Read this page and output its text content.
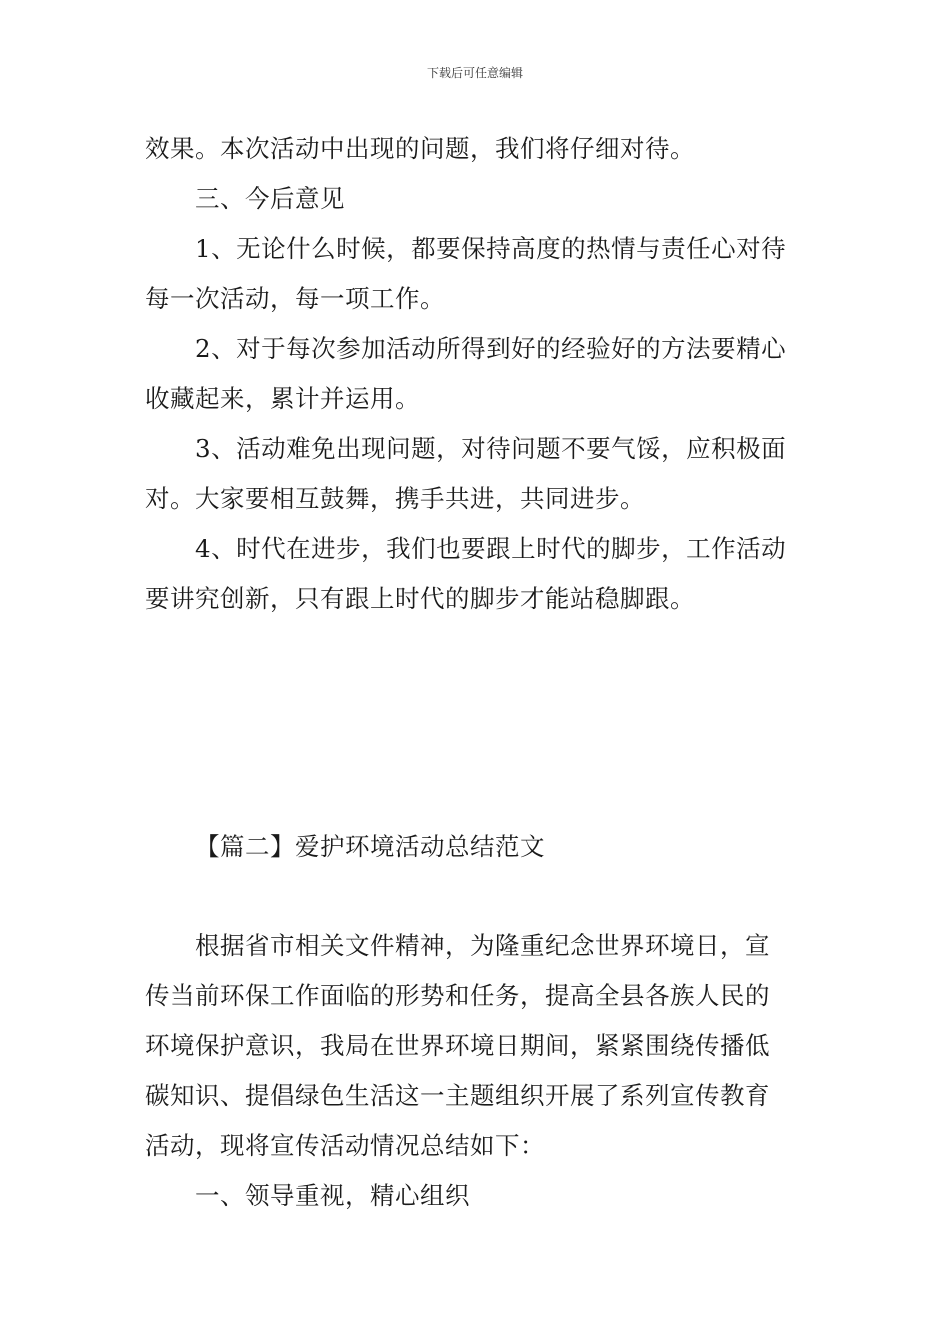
下载后可任意编辑
效果。本次活动中出现的问题，我们将仔细对待。
三、今后意见
1、无论什么时候，都要保持高度的热情与责任心对待
每一次活动，每一项工作。
2、对于每次参加活动所得到好的经验好的方法要精心
收藏起来，累计并运用。
3、活动难免出现问题，对待问题不要气馁，应积极面
对。大家要相互鼓舞，携手共进，共同进步。
4、时代在进步，我们也要跟上时代的脚步，工作活动
要讲究创新，只有跟上时代的脚步才能站稳脚跟。
【篇二】爱护环境活动总结范文
根据省市相关文件精神，为隆重纪念世界环境日，宣
传当前环保工作面临的形势和任务，提高全县各族人民的
环境保护意识，我局在世界环境日期间，紧紧围绕传播低
碳知识、提倡绿色生活这一主题组织开展了系列宣传教育
活动，现将宣传活动情况总结如下：
一、领导重视，精心组织
